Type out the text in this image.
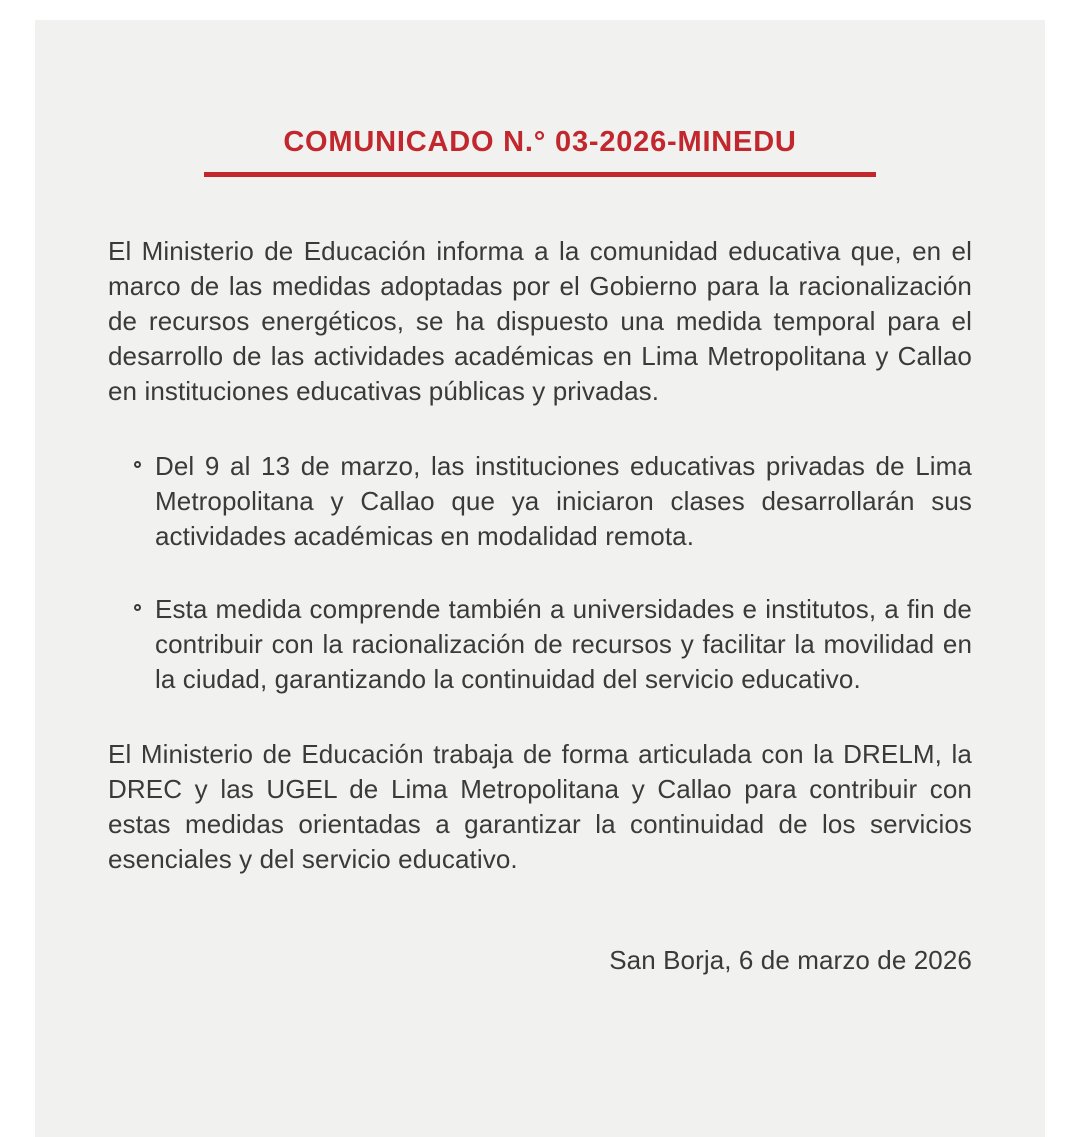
COMUNICADO N.° 03-2026-MINEDU

El Ministerio de Educación informa a la comunidad educativa que, en el marco de las medidas adoptadas por el Gobierno para la racionalización de recursos energéticos, se ha dispuesto una medida temporal para el desarrollo de las actividades académicas en Lima Metropolitana y Callao en instituciones educativas públicas y privadas.

Del 9 al 13 de marzo, las instituciones educativas privadas de Lima Metropolitana y Callao que ya iniciaron clases desarrollarán sus actividades académicas en modalidad remota.
Esta medida comprende también a universidades e institutos, a fin de contribuir con la racionalización de recursos y facilitar la movilidad en la ciudad, garantizando la continuidad del servicio educativo.

El Ministerio de Educación trabaja de forma articulada con la DRELM, la DREC y las UGEL de Lima Metropolitana y Callao para contribuir con estas medidas orientadas a garantizar la continuidad de los servicios esenciales y del servicio educativo.

San Borja, 6 de marzo de 2026
